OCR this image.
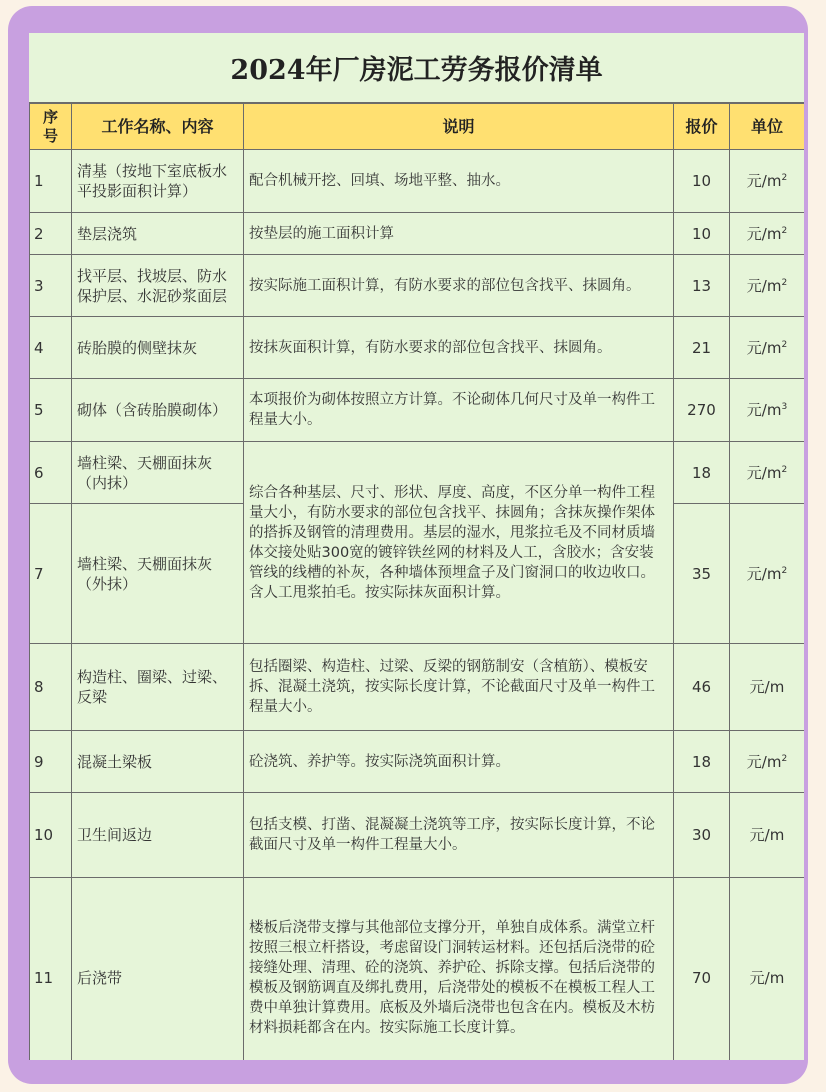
2024年厂房泥工劳务报价清单
序号	工作名称、内容	说明	报价	单位
1	清基（按地下室底板水平投影面积计算）	配合机械开挖、回填、场地平整、抽水。	10	元$/m^2$
2	垫层浇筑	按垫层的施工面积计算	10	元$/m^2$
3	找平层、找坡层、防水保护层、水泥砂浆面层	按实际施工面积计算，有防水要求的部位包含找平、抹圆角。	13	元$/m^2$
4	砖胎膜的侧壁抹灰	按抹灰面积计算，有防水要求的部位包含找平、抹圆角。	21	元$/m^2$
5	砌体（含砖胎膜砌体）	本项报价为砌体按照立方计算。不论砌体几何尺寸及单一构件工程量大小。	270	元$/m^3$
6	墙柱梁、天棚面抹灰（内抹）	综合各种基层、尺寸、形状、厚度、高度，不区分单一构件工程量大小，有防水要求的部位包含找平、抹圆角；含抹灰操作架体的搭拆及钢管的清理费用。基层的湿水，甩浆拉毛及不同材质墙体交接处贴300宽的镀锌铁丝网的材料及人工，含胶水；含安装管线的线槽的补灰，各种墙体预埋盒子及门窗洞口的收边收口。含人工甩浆拍毛。按实际抹灰面积计算。	18	元$/m^2$
7	墙柱梁、天棚面抹灰（外抹）		35	元$/m^2$
8	构造柱、圈梁、过梁、反梁	包括圈梁、构造柱、过梁、反梁的钢筋制安（含植筋）、模板安拆、混凝土浇筑，按实际长度计算，不论截面尺寸及单一构件工程量大小。	46	元/m
9	混凝土梁板	砼浇筑、养护等。按实际浇筑面积计算。	18	元$/m^2$
10	卫生间返边	包括支模、打凿、混凝凝土浇筑等工序，按实际长度计算，不论截面尺寸及单一构件工程量大小。	30	元/m
11	后浇带	楼板后浇带支撑与其他部位支撑分开，单独自成体系。满堂立杆按照三根立杆搭设，考虑留设门洞转运材料。还包括后浇带的砼接缝处理、清理、砼的浇筑、养护砼、拆除支撑。包括后浇带的模板及钢筋调直及绑扎费用，后浇带处的模板不在模板工程人工费中单独计算费用。底板及外墙后浇带也包含在内。模板及木枋材料损耗都含在内。按实际施工长度计算。	70	元/m
